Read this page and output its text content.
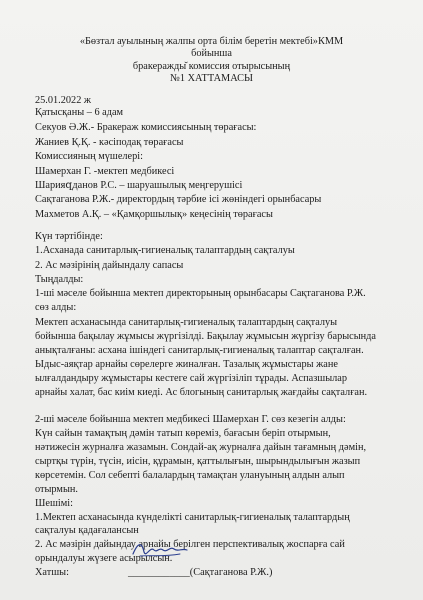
«Бөзтал ауылының жалпы орта білім беретін мектебі»КММ
бойынша
бракеражды̆ комиссия отырысының
№1 ХАТТАМАСЫ
25.01.2022 ж
Қатысқаны – 6 адам
Секуов Ә.Ж.- Бракераж комиссиясының төрағасы:
Жаниев Қ.Қ. - кәсіподақ төрағасы
Комиссияның мүшелері:
Шамерхан Г. -мектеп медбикесі
Шарияզданов Р.С. – шаруашылық меңгерушісі
Сақтаганова Р.Ж.- директордың тәрбие ісі жөніндегі орынбасары
Махметов А.Қ. – «Қамқоршылық» кеңесінің төрағасы
Күн тәртібінде:
1.Асханада санитарлық-гигиеналық талаптардың сақталуы
2. Ас мәзірінің дайындалу сапасы
Тыңдалды:
1-ші мәселе бойынша мектеп директорының орынбасары Сақтаганова Р.Ж.
сөз алды:
Мектеп асханасында санитарлық-гигиеналық талаптардың сақталуы
бойынша бақылау жұмысы жүргізілді. Бақылау жұмысын жүргізу барысында
анықталғаны: асхана ішіндегі санитарлық-гигиеналық талаптар сақталған.
Ыдыс-аяқтар арнайы сөрелерге жиналған. Тазалық жұмыстары жане
ылғалдандыру жұмыстары кестеге сай жүргізіліп тұрады. Аспазшылар
арнайы халат, бас киім киеді. Ас блогының санитарлық жағдайы сақталған.
2-ші мәселе бойынша мектеп медбикесі Шамерхан Г. сөз кезегін алды:
Күн сайын тамақтың дәмін татып көреміз, бағасын беріп отырмын,
нәтижесін журналға жазамын. Сондай-ақ журналға дайын тағамның дәмін,
сыртқы түрін, түсін, иісін, құрамын, қаттылығын, шырындылығын жазып
көрсетемін. Сол себепті балалардың тамақтан улануының алдын алып
отырмын.
Шешімі:
1.Мектеп асханасында күнделікті санитарлық-гигиеналық талаптардың
сақталуы қадағалансын
2. Ас мәзірін дайындау арнайы берілген перспективалық жоспарға сай
орындалуы жүзеге асырылсын.
Хатшы:	____________(Сақтаганова Р.Ж.)
